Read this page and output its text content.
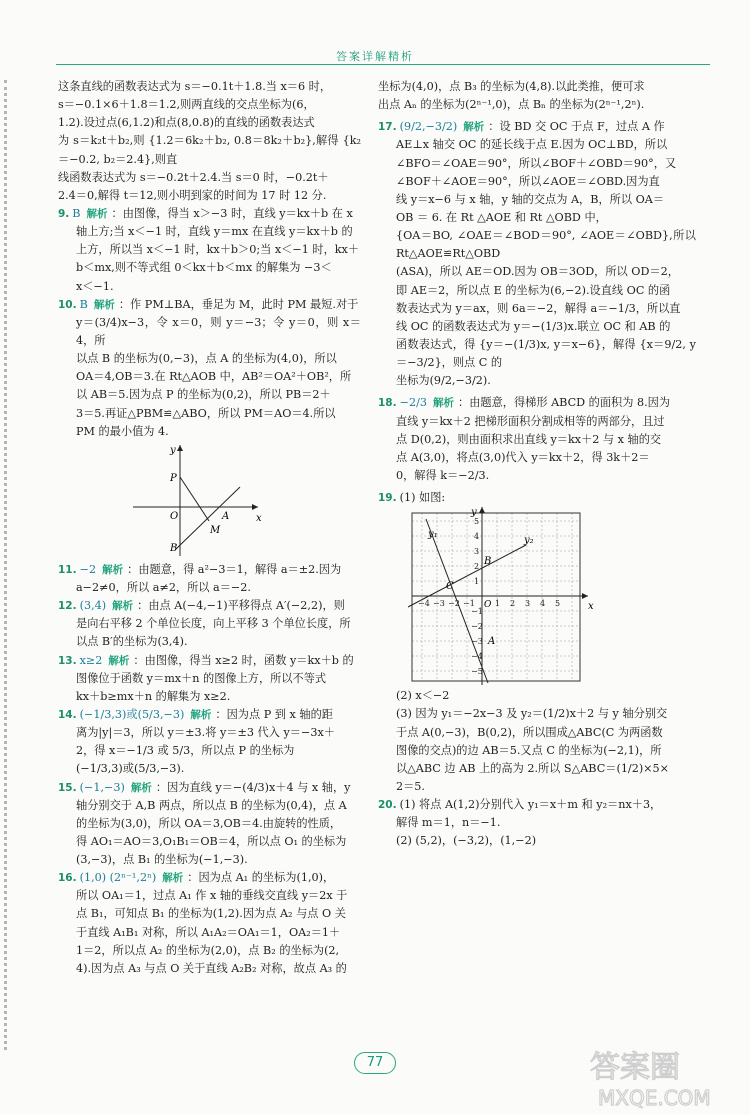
答案详解精析

这条直线的函数表达式为 s＝−0.1t＋1.8.当 x＝6 时，

s＝−0.1×6＋1.8＝1.2,则两直线的交点坐标为(6，

1.2).设过点(6,1.2)和点(8,0.8)的直线的函数表达式

为 s＝k₂t＋b₂,则 {1.2＝6k₂＋b₂, 0.8＝8k₂＋b₂},解得 {k₂＝−0.2, b₂＝2.4},则直

线函数表达式为 s＝−0.2t＋2.4.当 s＝0 时，−0.2t＋

2.4＝0,解得 t＝12,则小明到家的时间为 17 时 12 分.

9. B 解析 ：由图像，得当 x＞−3 时，直线 y＝kx＋b 在 x

轴上方;当 x＜−1 时，直线 y＝mx 在直线 y＝kx＋b 的

上方，所以当 x＜−1 时，kx＋b＞0;当 x＜−1 时，kx＋

b＜mx,则不等式组 0＜kx＋b＜mx 的解集为 −3＜

x＜−1.

10. B 解析 ：作 PM⊥BA，垂足为 M，此时 PM 最短.对于

y＝(3/4)x−3，令 x＝0，则 y＝−3；令 y＝0，则 x＝4，所

以点 B 的坐标为(0,−3)，点 A 的坐标为(4,0)，所以

OA＝4,OB＝3.在 Rt△AOB 中，AB²＝OA²＋OB²，所

以 AB＝5.因为点 P 的坐标为(0,2)，所以 PB＝2＋

3＝5.再证△PBM≌△ABO，所以 PM＝AO＝4.所以

PM 的最小值为 4.

y
x
P
O	A
M
B

11. −2 解析 ：由题意，得 a²−3＝1，解得 a＝±2.因为

a−2≠0，所以 a≠2，所以 a＝−2.

12. (3,4) 解析 ：由点 A(−4,−1)平移得点 A′(−2,2)，则

是向右平移 2 个单位长度，向上平移 3 个单位长度，所

以点 B′的坐标为(3,4).

13. x≥2 解析 ：由图像，得当 x≥2 时，函数 y＝kx＋b 的

图像位于函数 y＝mx＋n 的图像上方，所以不等式

kx＋b≥mx＋n 的解集为 x≥2.

14. (−1/3,3)或(5/3,−3) 解析 ：因为点 P 到 x 轴的距

离为|y|＝3，所以 y＝±3.将 y＝±3 代入 y＝−3x＋

2，得 x＝−1/3 或 5/3，所以点 P 的坐标为

(−1/3,3)或(5/3,−3).

15. (−1,−3) 解析 ：因为直线 y＝−(4/3)x＋4 与 x 轴，y

轴分别交于 A,B 两点，所以点 B 的坐标为(0,4)，点 A

的坐标为(3,0)，所以 OA＝3,OB＝4.由旋转的性质，

得 AO₁＝AO＝3,O₁B₁＝OB＝4，所以点 O₁ 的坐标为

(3,−3)，点 B₁ 的坐标为(−1,−3).

16. (1,0) (2ⁿ⁻¹,2ⁿ) 解析 ：因为点 A₁ 的坐标为(1,0)，

所以 OA₁＝1，过点 A₁ 作 x 轴的垂线交直线 y＝2x 于

点 B₁，可知点 B₁ 的坐标为(1,2).因为点 A₂ 与点 O 关

于直线 A₁B₁ 对称，所以 A₁A₂＝OA₁＝1，OA₂＝1＋

1＝2，所以点 A₂ 的坐标为(2,0)，点 B₂ 的坐标为(2,

4).因为点 A₃ 与点 O 关于直线 A₂B₂ 对称，故点 A₃ 的

坐标为(4,0)，点 B₃ 的坐标为(4,8).以此类推，便可求

出点 Aₙ 的坐标为(2ⁿ⁻¹,0)，点 Bₙ 的坐标为(2ⁿ⁻¹,2ⁿ).

17. (9/2,−3/2) 解析 ：设 BD 交 OC 于点 F，过点 A 作

AE⊥x 轴交 OC 的延长线于点 E.因为 OC⊥BD，所以

∠BFO＝∠OAE＝90°，所以∠BOF＋∠OBD＝90°，又

∠BOF＋∠AOE＝90°，所以∠AOE＝∠OBD.因为直

线 y＝x−6 与 x 轴，y 轴的交点为 A，B，所以 OA＝

OB ＝ 6. 在 Rt △AOE 和 Rt △OBD 中，

{OA＝BO, ∠OAE＝∠BOD＝90°, ∠AOE＝∠OBD},所以 Rt△AOE≌Rt△OBD

(ASA)，所以 AE＝OD.因为 OB＝3OD，所以 OD＝2，

即 AE＝2，所以点 E 的坐标为(6,−2).设直线 OC 的函

数表达式为 y＝ax，则 6a＝−2，解得 a＝−1/3，所以直

线 OC 的函数表达式为 y＝−(1/3)x.联立 OC 和 AB 的

函数表达式，得 {y＝−(1/3)x, y＝x−6}，解得 {x＝9/2, y＝−3/2}，则点 C 的

坐标为(9/2,−3/2).

18. −2/3 解析 ：由题意，得梯形 ABCD 的面积为 8.因为

直线 y＝kx＋2 把梯形面积分割成相等的两部分，且过

点 D(0,2)，则由面积求出直线 y＝kx＋2 与 x 轴的交

点 A(3,0)，将点(3,0)代入 y＝kx＋2，得 3k＋2＝

0，解得 k＝−2/3.

19. (1) 如图:

y
x
y₁
y₂
B
C
A
O
−4 −3 −2 −1	1 2 3 4 5
5
4
3
2
1
−1
−2
−3
−4
−5

(2) x＜−2

(3) 因为 y₁＝−2x−3 及 y₂＝(1/2)x＋2 与 y 轴分别交

于点 A(0,−3)，B(0,2)，所以围成△ABC(C 为两函数

图像的交点)的边 AB＝5.又点 C 的坐标为(−2,1)，所

以△ABC 边 AB 上的高为 2.所以 S△ABC＝(1/2)×5×

2＝5.

20. (1) 将点 A(1,2)分别代入 y₁＝x＋m 和 y₂＝nx＋3，

解得 m＝1，n＝−1.

(2) (5,2)，(−3,2)，(1,−2)

77	答案圈
MXQE.COM
